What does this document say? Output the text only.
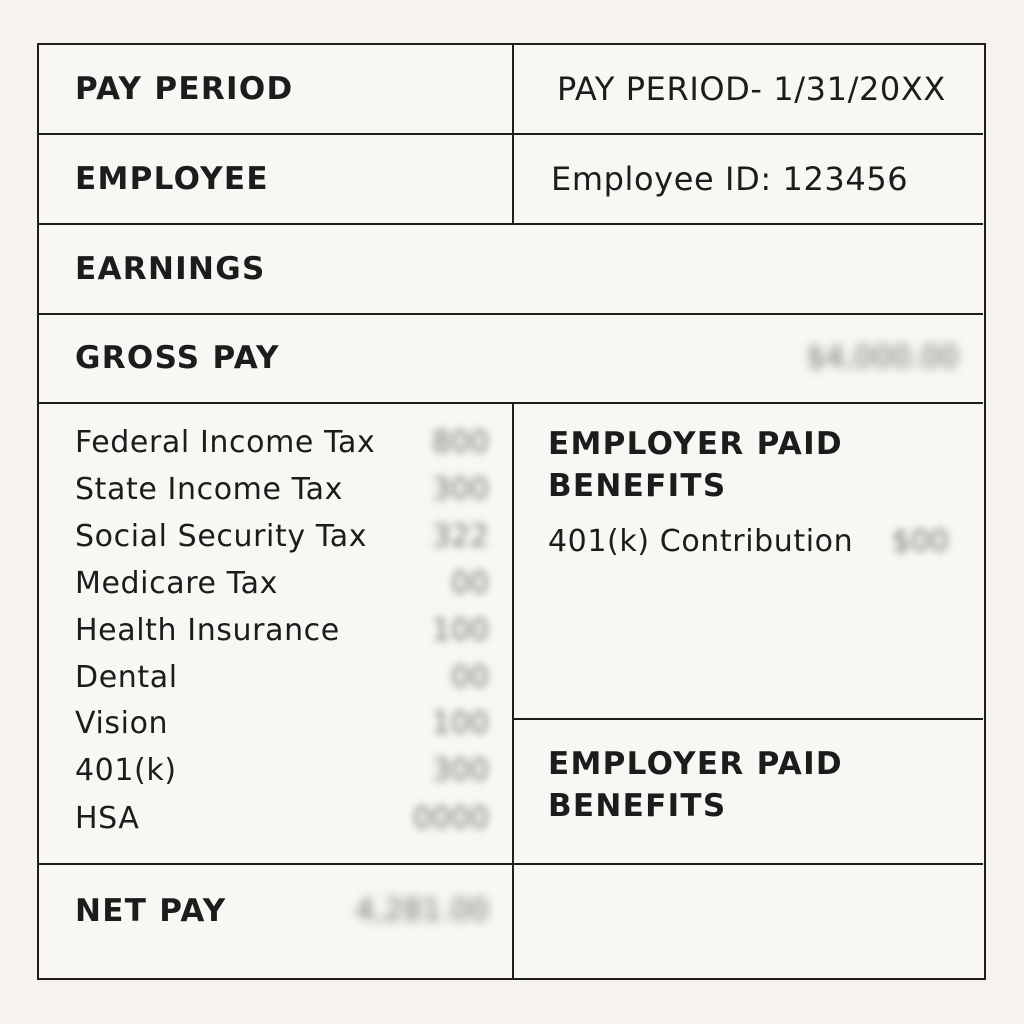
PAY PERIOD	PAY PERIOD- 1/31/20XX
EMPLOYEE	Employee ID: 123456
EARNINGS
GROSS PAY	$4,000.00
Federal Income Tax	800
State Income Tax	300
Social Security Tax	322
Medicare Tax	00
Health Insurance	100
Dental	00
Vision	100
401(k)	300
HSA	0000
EMPLOYER PAID BENEFITS
401(k) Contribution	$00
EMPLOYER PAID BENEFITS
NET PAY	4,281.00
